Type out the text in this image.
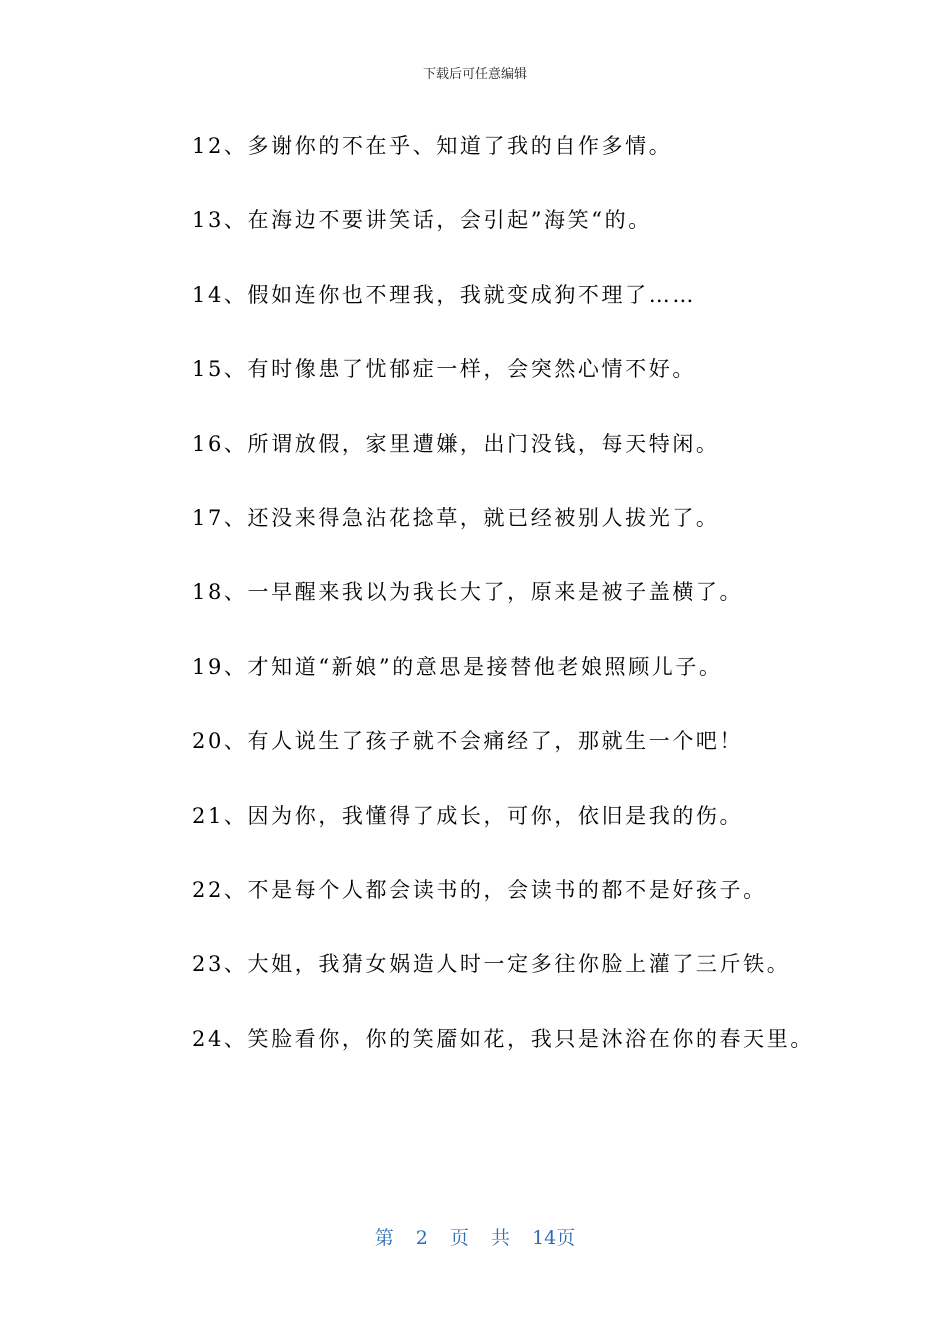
下载后可任意编辑
12、多谢你的不在乎、知道了我的自作多情。
13、在海边不要讲笑话，会引起”海笑“的。
14、假如连你也不理我，我就变成狗不理了……
15、有时像患了忧郁症一样，会突然心情不好。
16、所谓放假，家里遭嫌，出门没钱，每天特闲。
17、还没来得急沾花捻草，就已经被别人拔光了。
18、一早醒来我以为我长大了，原来是被子盖横了。
19、才知道“新娘”的意思是接替他老娘照顾儿子。
20、有人说生了孩子就不会痛经了，那就生一个吧！
21、因为你，我懂得了成长，可你，依旧是我的伤。
22、不是每个人都会读书的，会读书的都不是好孩子。
23、大姐，我猜女娲造人时一定多往你脸上灌了三斤铁。
24、笑脸看你，你的笑靥如花，我只是沐浴在你的春天里。
第 2 页 共 14页
